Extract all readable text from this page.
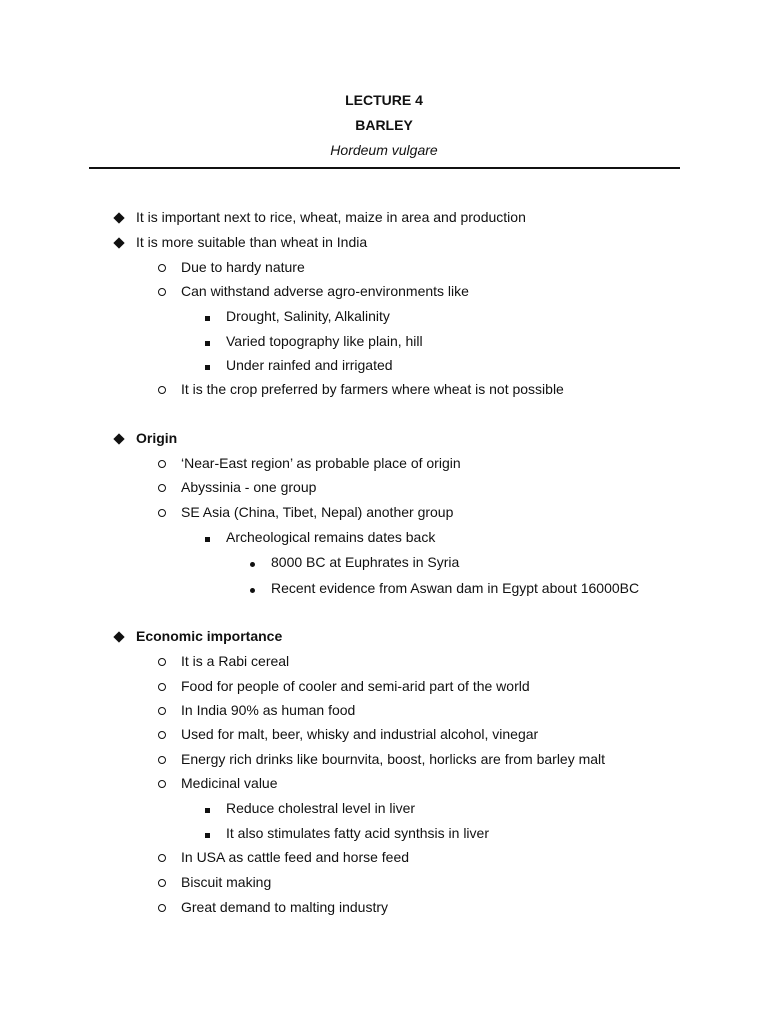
LECTURE 4
BARLEY
Hordeum vulgare
It is important next to rice, wheat, maize in area and production
It is more suitable than wheat in India
Due to hardy nature
Can withstand adverse agro-environments like
Drought, Salinity, Alkalinity
Varied topography like plain, hill
Under rainfed and irrigated
It is the crop preferred by farmers where wheat is not possible
Origin
‘Near-East region’ as probable place of origin
Abyssinia - one group
SE Asia (China, Tibet, Nepal) another group
Archeological remains dates back
8000 BC at Euphrates in Syria
Recent evidence from Aswan dam in Egypt about 16000BC
Economic importance
It is a Rabi cereal
Food for people of cooler and semi-arid part of the world
In India 90% as human food
Used for malt, beer, whisky and industrial alcohol, vinegar
Energy rich drinks like bournvita, boost, horlicks are from barley malt
Medicinal value
Reduce cholestral level in liver
It also stimulates fatty acid synthsis in liver
In USA as cattle feed and horse feed
Biscuit making
Great demand to malting industry
